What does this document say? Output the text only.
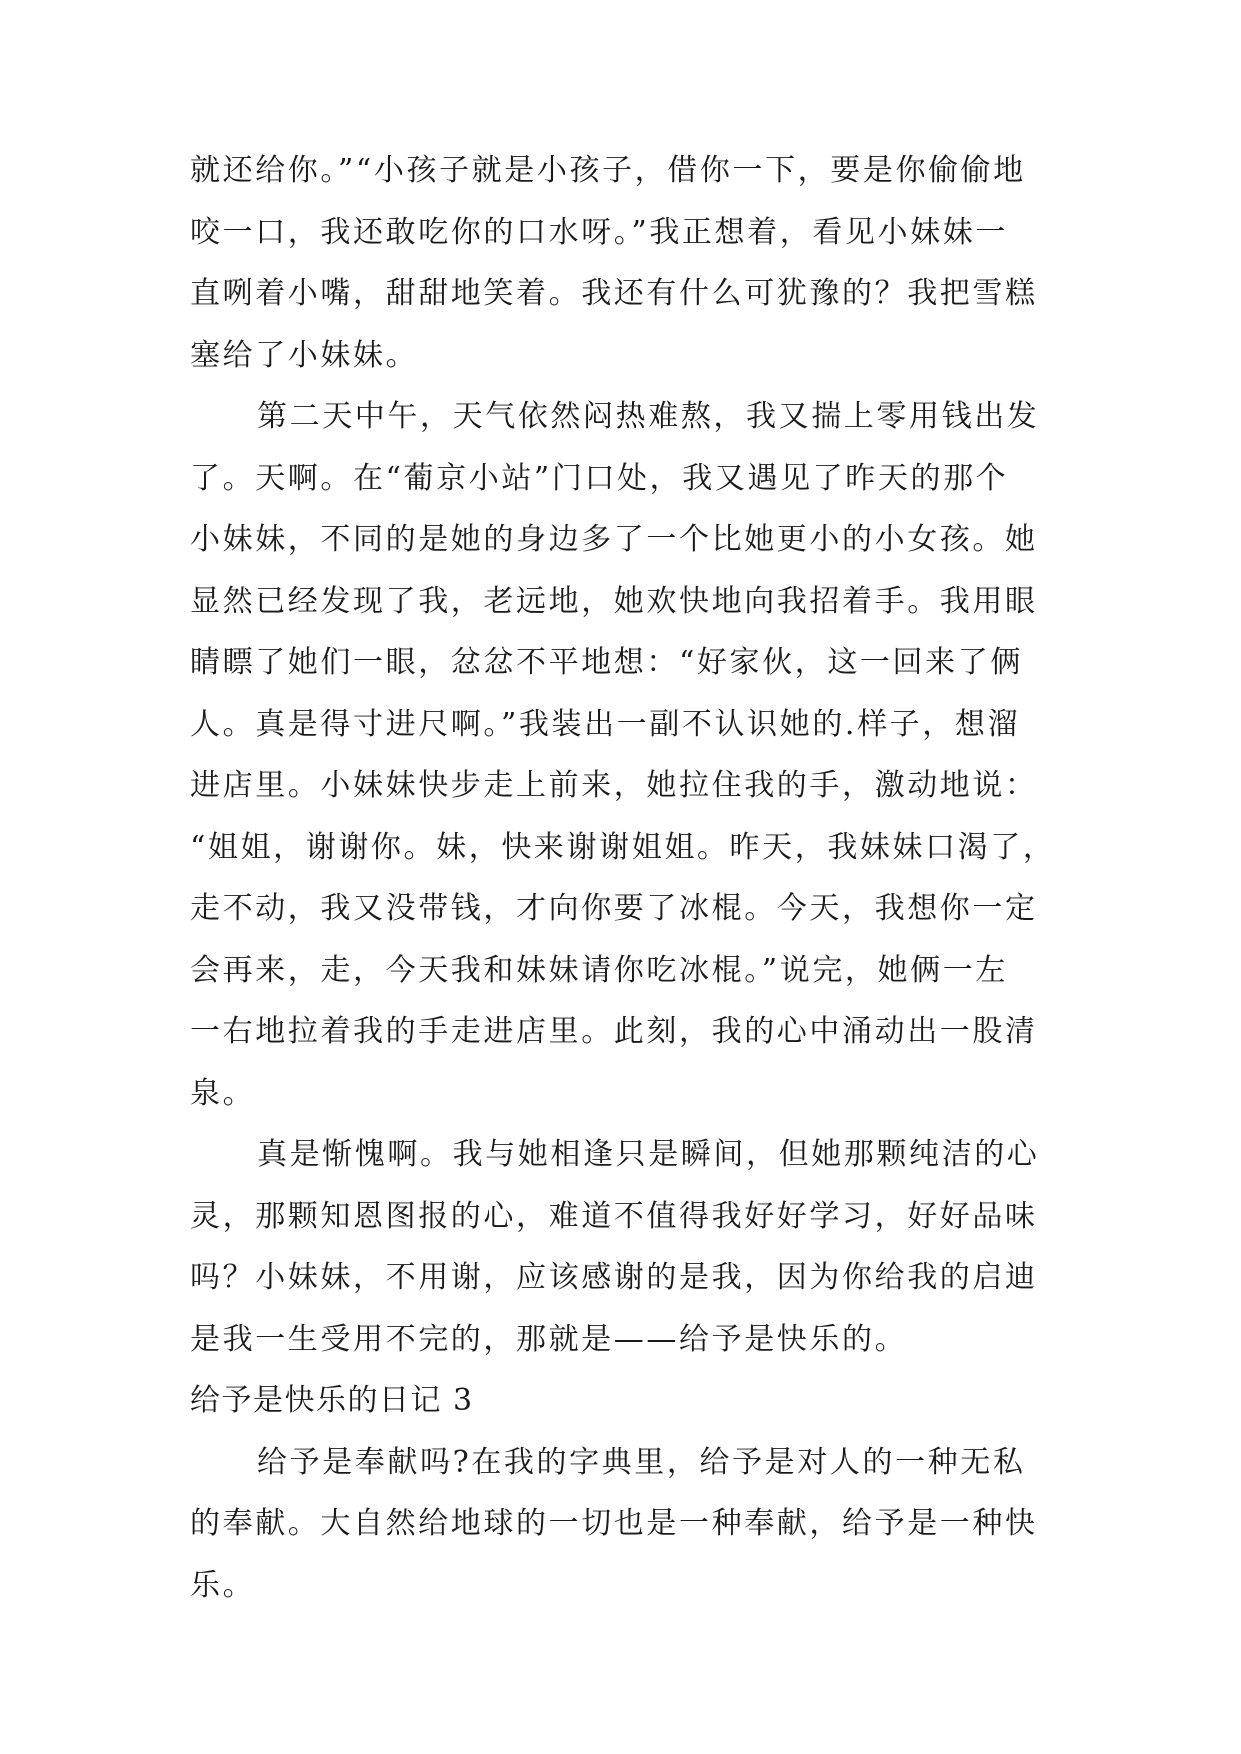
就还给你。”“小孩子就是小孩子，借你一下，要是你偷偷地
咬一口，我还敢吃你的口水呀。”我正想着，看见小妹妹一
直咧着小嘴，甜甜地笑着。我还有什么可犹豫的？我把雪糕
塞给了小妹妹。
第二天中午，天气依然闷热难熬，我又揣上零用钱出发
了。天啊。在“葡京小站”门口处，我又遇见了昨天的那个
小妹妹，不同的是她的身边多了一个比她更小的小女孩。她
显然已经发现了我，老远地，她欢快地向我招着手。我用眼
睛瞟了她们一眼，忿忿不平地想：“好家伙，这一回来了俩
人。真是得寸进尺啊。”我装出一副不认识她的.样子，想溜
进店里。小妹妹快步走上前来，她拉住我的手，激动地说：
“姐姐，谢谢你。妹，快来谢谢姐姐。昨天，我妹妹口渴了，
走不动，我又没带钱，才向你要了冰棍。今天，我想你一定
会再来，走，今天我和妹妹请你吃冰棍。”说完，她俩一左
一右地拉着我的手走进店里。此刻，我的心中涌动出一股清
泉。
真是惭愧啊。我与她相逢只是瞬间，但她那颗纯洁的心
灵，那颗知恩图报的心，难道不值得我好好学习，好好品味
吗？小妹妹，不用谢，应该感谢的是我，因为你给我的启迪
是我一生受用不完的，那就是——给予是快乐的。
给予是快乐的日记 3
给予是奉献吗?在我的字典里，给予是对人的一种无私
的奉献。大自然给地球的一切也是一种奉献，给予是一种快
乐。
